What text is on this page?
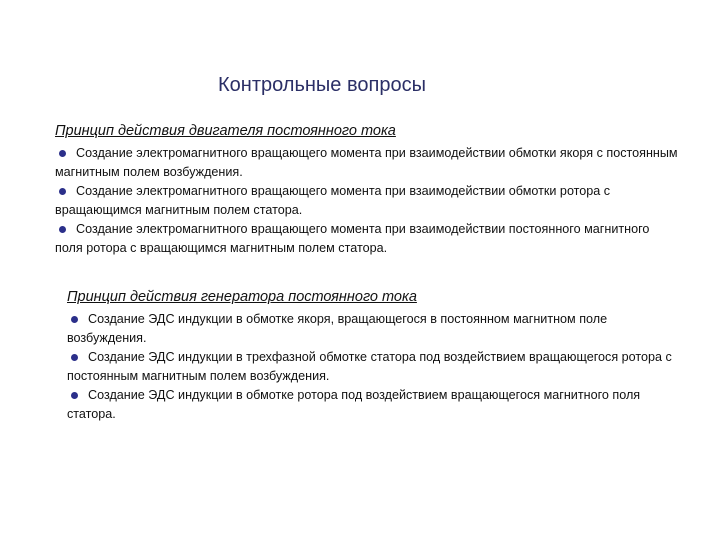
Контрольные вопросы
Принцип действия двигателя постоянного тока
Создание электромагнитного вращающего момента при взаимодействии обмотки якоря с постоянным магнитным полем возбуждения.
Создание электромагнитного вращающего момента при взаимодействии обмотки ротора с вращающимся магнитным полем статора.
Создание электромагнитного вращающего момента при взаимодействии постоянного магнитного поля ротора с вращающимся магнитным полем статора.
Принцип действия генератора постоянного тока
Создание ЭДС индукции в обмотке якоря, вращающегося в постоянном магнитном поле возбуждения.
Создание ЭДС индукции в трехфазной обмотке статора под воздействием вращающегося ротора с постоянным магнитным полем возбуждения.
Создание ЭДС индукции в обмотке ротора под воздействием вращающегося магнитного поля статора.
